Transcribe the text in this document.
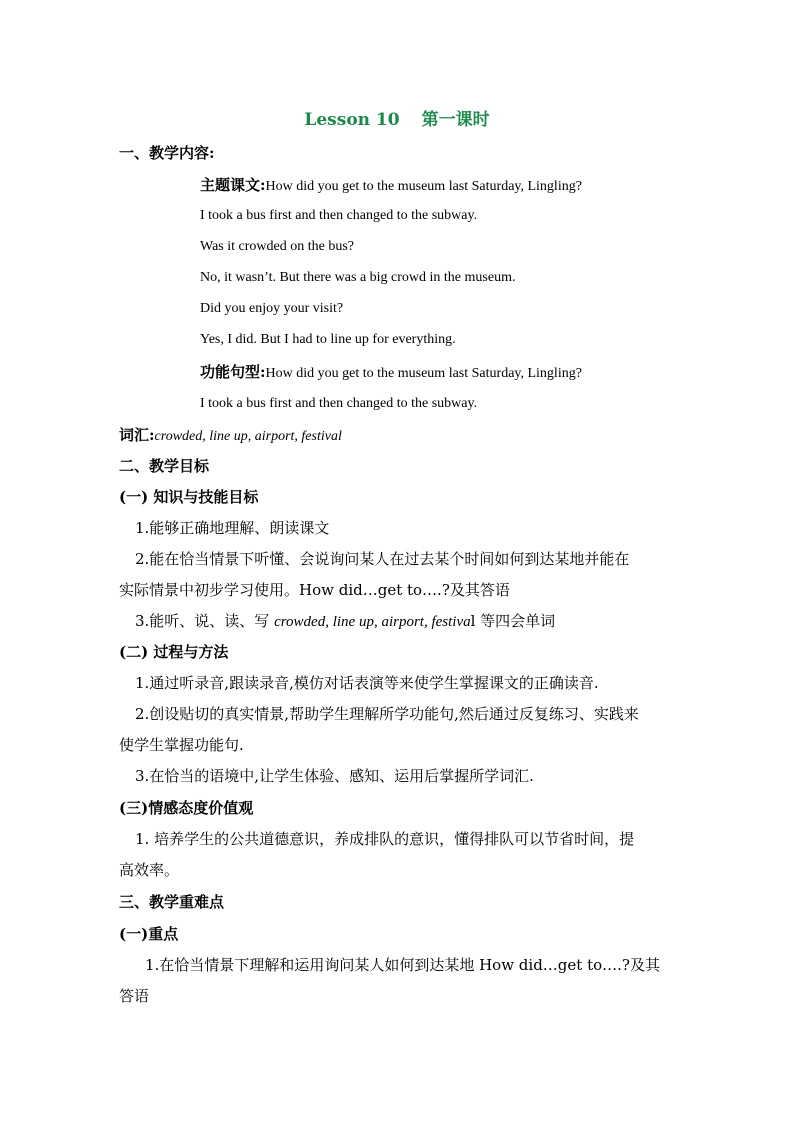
Lesson 10 第一课时
一、教学内容:
主题课文:How did you get to the museum last Saturday, Lingling?
I took a bus first and then changed to the subway.
Was it crowded on the bus?
No, it wasn’t. But there was a big crowd in the museum.
Did you enjoy your visit?
Yes, I did. But I had to line up for everything.
功能句型:How did you get to the museum last Saturday, Lingling?
I took a bus first and then changed to the subway.
词汇:crowded, line up, airport, festival
二、教学目标
(一) 知识与技能目标
1.能够正确地理解、朗读课文
2.能在恰当情景下听懂、会说询问某人在过去某个时间如何到达某地并能在
实际情景中初步学习使用。How did…get to….?及其答语
3.能听、说、读、写 crowded, line up, airport, festival 等四会单词
(二) 过程与方法
1.通过听录音,跟读录音,模仿对话表演等来使学生掌握课文的正确读音.
2.创设贴切的真实情景,帮助学生理解所学功能句,然后通过反复练习、实践来
使学生掌握功能句.
3.在恰当的语境中,让学生体验、感知、运用后掌握所学词汇.
(三)情感态度价值观
1. 培养学生的公共道德意识，养成排队的意识，懂得排队可以节省时间，提
高效率。
三、教学重难点
(一)重点
1.在恰当情景下理解和运用询问某人如何到达某地 How did…get to….?及其
答语
